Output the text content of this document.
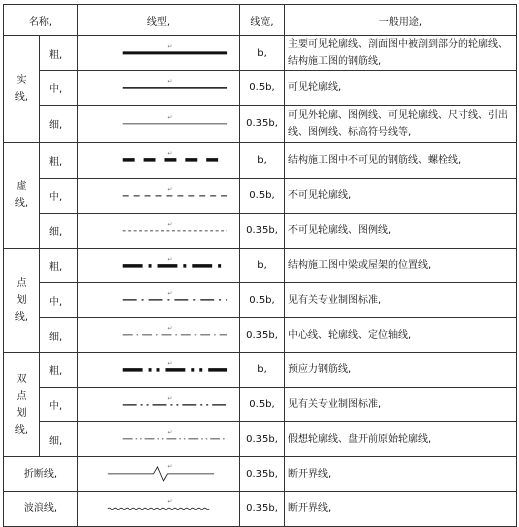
名称,		线型,	线宽,	一般用途,

实
线,	粗,	↵	b,	主要可见轮廓线、剖面图中被剖到部分的轮廓线、结构施工图的钢筋线,
	中,	↵	0.5b,	可见轮廓线,
	细,	↵	0.35b,	可见外轮廓、图例线、可见轮廓线、尺寸线、引出线、图例线、标高符号线等,

虚
线,	粗,	↵	b,	结构施工图中不可见的钢筋线、螺栓线,
	中,	↵	0.5b,	不可见轮廓线,
	细,	↵	0.35b,	不可见轮廓线、图例线,

点
划
线,	粗,	↵	b,	结构施工图中梁或屋架的位置线,
	中,	↵	0.5b,	见有关专业制图标准,
	细,	↵	0.35b,	中心线、轮廓线、定位轴线,

双
点
划
线,	粗,	↵	b,	预应力钢筋线,
	中,	↵	0.5b,	见有关专业制图标准,
	细,	↵	0.35b,	假想轮廓线、盘开前原始轮廓线,
折断线,		↵	0.35b,	断开界线,
波浪线,		↵	0.35b,	断开界线,
